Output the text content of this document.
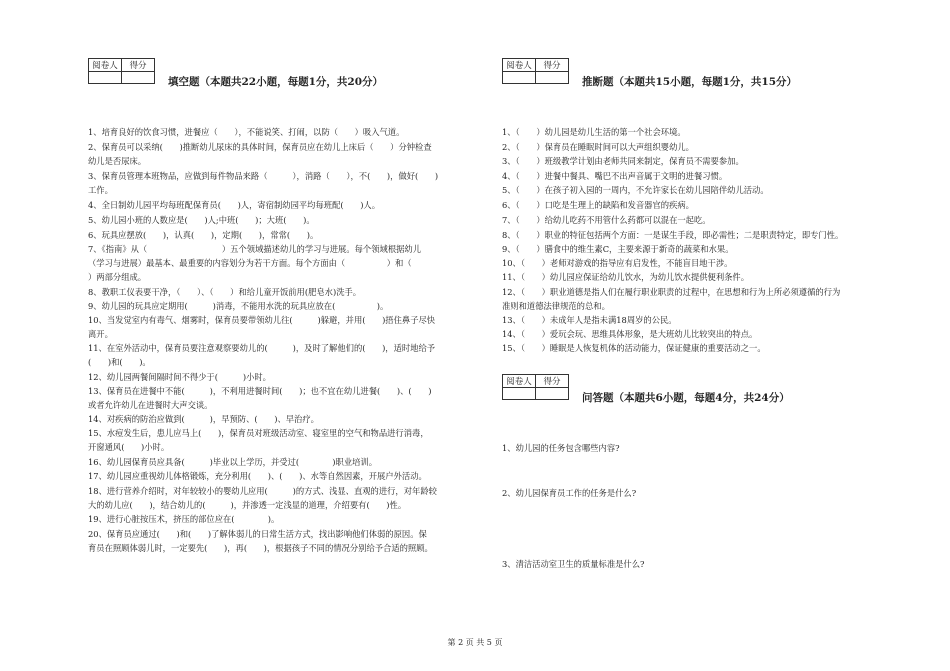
阅卷人	得分

填空题（本题共22小题，每题1分，共20分）
1、培育良好的饮食习惯，进餐应（　　），不能说笑、打闹，以防（　　）吸入气道。
2、保育员可以采纳(　　)推断幼儿尿床的具体时间，保育员应在幼儿上床后（　　）分钟检查
幼儿是否尿床。
3、保育员管理本班物品，应做到每件物品来路（　　　），消路（　　），不(　　)，做好(　　)
工作。
4、全日制幼儿园平均每班配保育员(　　)人，寄宿制幼园平均每班配(　　)人。
5、幼儿园小班的人数应是(　　)人;中班(　　)；大班(　　)。
6、玩具应摆放(　　)，认真(　　)，定期(　　)，常常(　　)。
7、《指南》从（　　　　　　　　　）五个领域描述幼儿的学习与进展。每个领域根据幼儿
（学习与进展）最基本、最重要的内容划分为若干方面。每个方面由（　　　　　）和（　　
）两部分组成。
8、教职工仪表要干净，（　　）、（　　）和给儿童开饭前用(肥皂水)洗手。
9、幼儿园的玩具应定期用(　　　)消毒，不能用水洗的玩具应放在(　　　　　)。
10、当发觉室内有毒气、烟雾时，保育员要带领幼儿往(　　　)躲避，并用(　　)捂住鼻子尽快
离开。
11、在室外活动中，保育员要注意观察要幼儿的(　　　)，及时了解他们的(　　)，适时地给予
(　　)和(　　)。
12、幼儿园两餐间隔时间不得少于(　　　)小时。
13、保育员在进餐中不能(　　　)，不利用进餐时间(　　)；也不宜在幼儿进餐(　　)、(　　)
或者允许幼儿在进餐时大声交谈。
14、对疾病的防治应做到(　　　)，早预防、(　　)、早治疗。
15、水痘发生后，患儿应马上(　　)，保育员对班级活动室、寝室里的空气和物品进行消毒，
开窗通风(　　)小时。
16、幼儿园保育员应具备(　　　)毕业以上学历，并受过(　　　　)职业培训。
17、幼儿园应重视幼儿体格锻炼，充分利用(　　)、(　　)、水等自然因素，开展户外活动。
18、进行营养介绍时，对年较较小的婴幼儿应用(　　　)的方式、浅显、直观的进行，对年龄较
大的幼儿应(　　)，结合幼儿的(　　　)，并渗透一定浅显的道理，介绍要有(　　)性。
19、进行心脏按压术，挤压的部位应在(　　　　)。
20、保育员应通过(　　)和(　　)了解体弱儿的日常生活方式，找出影响他们体弱的原因。保
育员在照顾体弱儿时，一定要先(　　)，再(　　)，根据孩子不同的情况分别给予合适的照顾。
阅卷人	得分

推断题（本题共15小题，每题1分，共15分）
1、（　　）幼儿园是幼儿生活的第一个社会环境。
2、（　　）保育员在睡眠时间可以大声组织婴幼儿。
3、（　　）班级教学计划由老师共同来制定，保育员不需要参加。
4、（　　）进餐中餐具、嘴巴不出声音属于文明的进餐习惯。
5、（　　）在孩子初入园的一周内，不允许家长在幼儿园陪伴幼儿活动。
6、（　　）口吃是生理上的缺陷和发音器官的疾病。
7、（　　）给幼儿吃药不用管什么药都可以混在一起吃。
8、（　　）职业的特征包括两个方面：一是谋生手段，即必需性；二是职责特定，即专门性。
9、（　　）膳食中的维生素C，主要来源于新奇的蔬菜和水果。
10、（　　）老师对游戏的指导应有启发性，不能盲目地干涉。
11、（　　）幼儿园应保证给幼儿饮水，为幼儿饮水提供便利条件。
12、（　　）职业道德是指人们在履行职业职责的过程中，在思想和行为上所必须遵循的行为
准则和道德法律规范的总和。
13、（　　）未成年人是指未满18周岁的公民。
14、（　　）爱玩会玩、思维具体形象，是大班幼儿比较突出的特点。
15、（　　）睡眠是人恢复机体的活动能力，保证健康的重要活动之一。
阅卷人	得分

问答题（本题共6小题，每题4分，共24分）
1、幼儿园的任务包含哪些内容?
2、幼儿园保育员工作的任务是什么?
3、清洁活动室卫生的质量标准是什么?
第 2 页 共 5 页
